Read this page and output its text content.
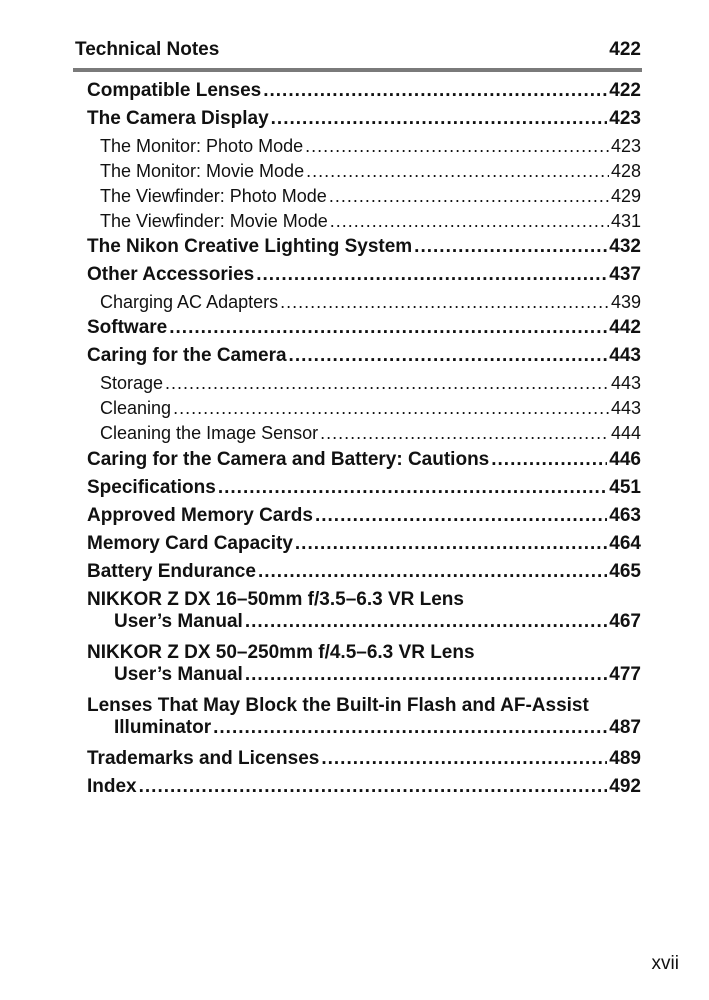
Technical Notes	422
Compatible Lenses .....	422
The Camera Display .....	423
The Monitor: Photo Mode .....	423
The Monitor: Movie Mode .....	428
The Viewfinder: Photo Mode .....	429
The Viewfinder: Movie Mode .....	431
The Nikon Creative Lighting System .....	432
Other Accessories .....	437
Charging AC Adapters .....	439
Software .....	442
Caring for the Camera .....	443
Storage .....	443
Cleaning .....	443
Cleaning the Image Sensor .....	444
Caring for the Camera and Battery: Cautions .....	446
Specifications .....	451
Approved Memory Cards .....	463
Memory Card Capacity .....	464
Battery Endurance .....	465
NIKKOR Z DX 16–50mm f/3.5–6.3 VR Lens
User’s Manual .....	467
NIKKOR Z DX 50–250mm f/4.5–6.3 VR Lens
User’s Manual .....	477
Lenses That May Block the Built-in Flash and AF-Assist
Illuminator .....	487
Trademarks and Licenses .....	489
Index .....	492
xvii
